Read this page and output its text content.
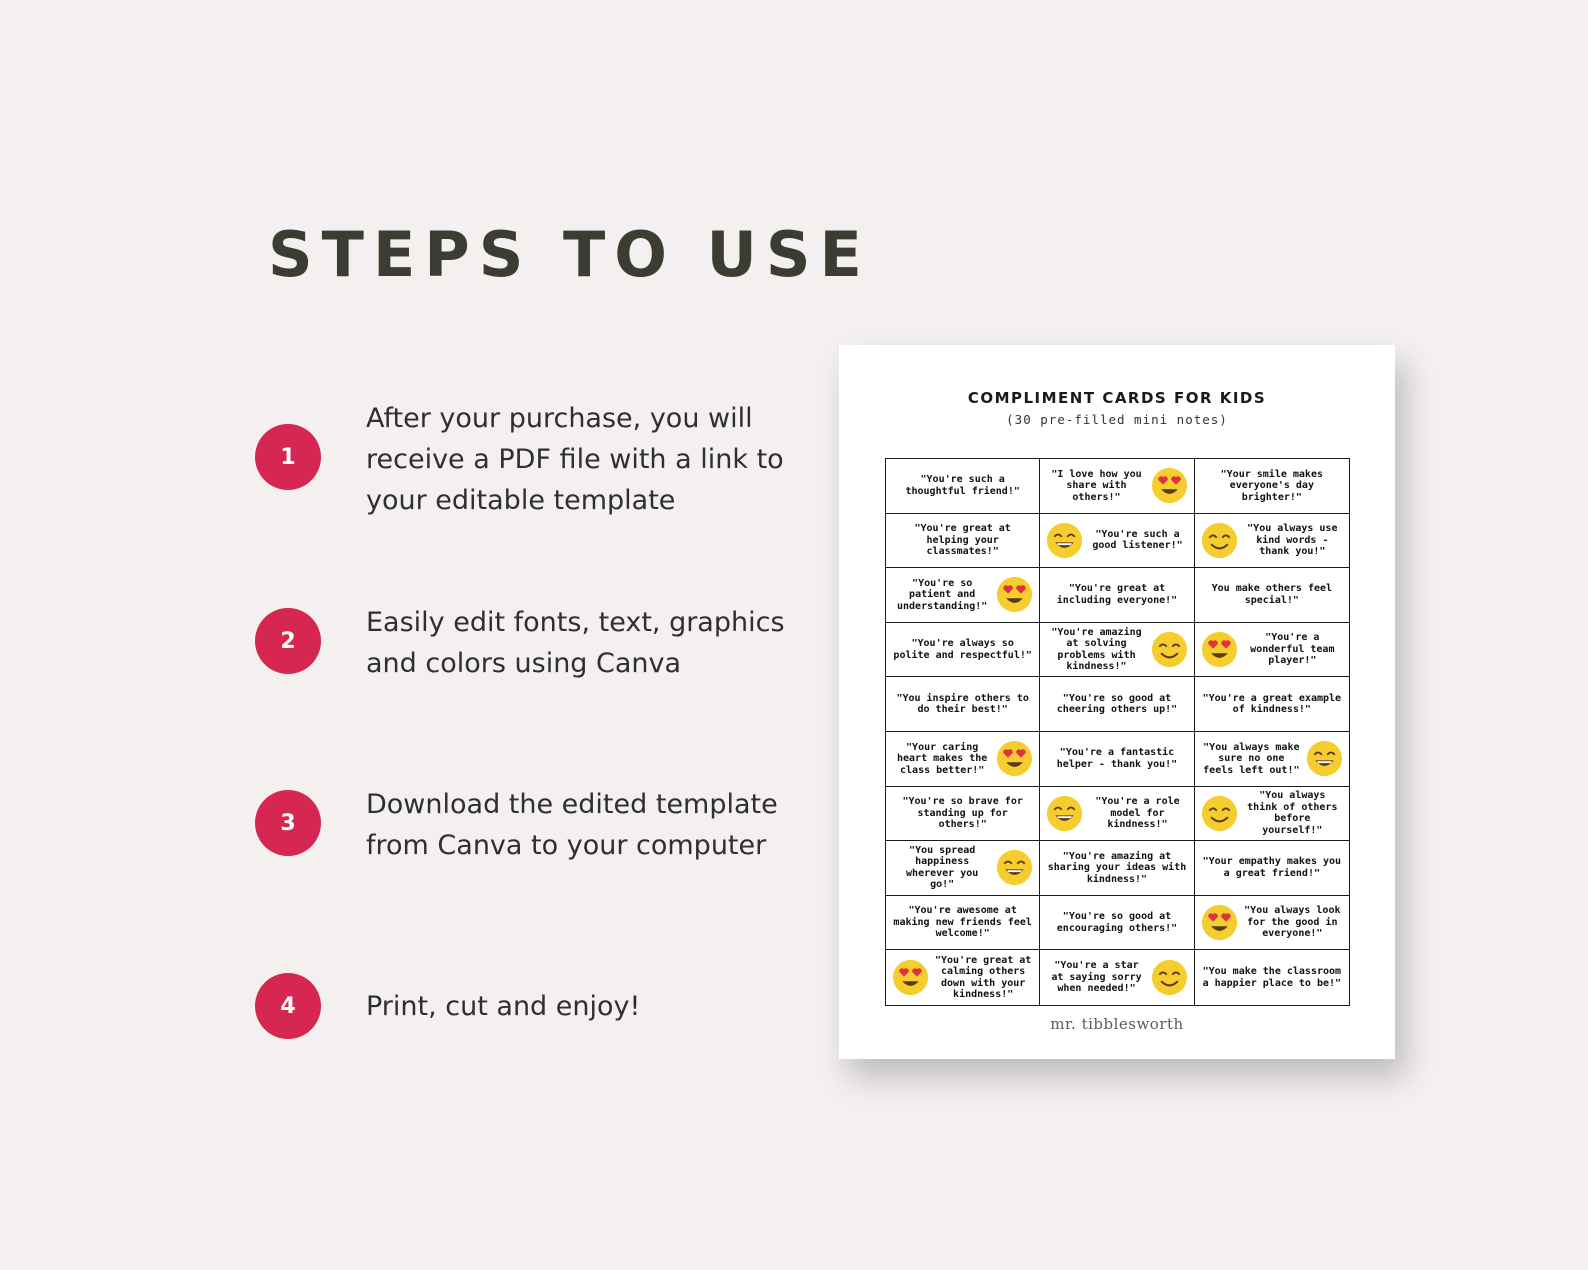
STEPS TO USE
1

After your purchase, you will receive a PDF file with a link to your editable template

2

Easily edit fonts, text, graphics and colors using Canva

3

Download the edited template from Canva to your computer

4	Print, cut and enjoy!

COMPLIMENT CARDS FOR KIDS
(30 pre-filled mini notes)
"You're such a thoughtful friend!"
"I love how you share with others!"
"Your smile makes everyone's day brighter!"
"You're great at helping your classmates!"
"You're such a good listener!"
"You always use kind words - thank you!"
"You're so patient and understanding!"
"You're great at including everyone!"
You make others feel special!"
"You're always so polite and respectful!"
"You're amazing at solving problems with kindness!"
"You're a wonderful team player!"
"You inspire others to do their best!"
"You're so good at cheering others up!"
"You're a great example of kindness!"
"Your caring heart makes the class better!"
"You're a fantastic helper - thank you!"
"You always make sure no one feels left out!"
"You're so brave for standing up for others!"
"You're a role model for kindness!"
"You always think of others before yourself!"
"You spread happiness wherever you go!"
"You're amazing at sharing your ideas with kindness!"
"Your empathy makes you a great friend!"
"You're awesome at making new friends feel welcome!"
"You're so good at encouraging others!"
"You always look for the good in everyone!"
"You're great at calming others down with your kindness!"
"You're a star at saying sorry when needed!"
"You make the classroom a happier place to be!"
mr. tibblesworth
